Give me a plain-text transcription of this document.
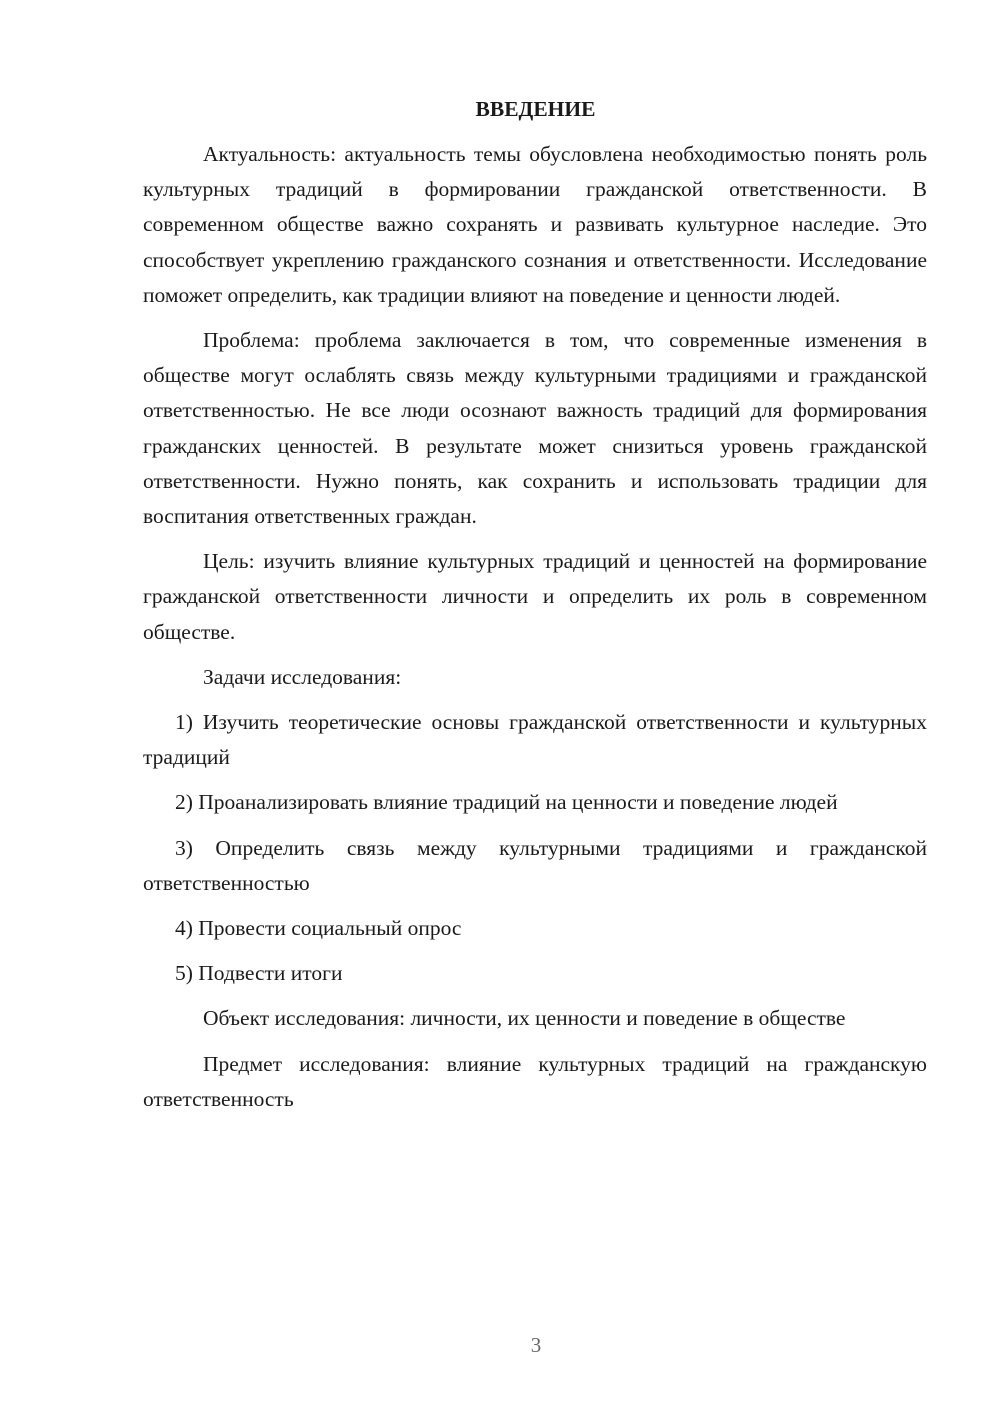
ВВЕДЕНИЕ

Актуальность: актуальность темы обусловлена необходимостью понять роль культурных традиций в формировании гражданской ответственности. В современном обществе важно сохранять и развивать культурное наследие. Это способствует укреплению гражданского сознания и ответственности. Исследование поможет определить, как традиции влияют на поведение и ценности людей.

Проблема: проблема заключается в том, что современные изменения в обществе могут ослаблять связь между культурными традициями и гражданской ответственностью. Не все люди осознают важность традиций для формирования гражданских ценностей. В результате может снизиться уровень гражданской ответственности. Нужно понять, как сохранить и использовать традиции для воспитания ответственных граждан.

Цель: изучить влияние культурных традиций и ценностей на формирование гражданской ответственности личности и определить их роль в современном обществе.

Задачи исследования:

1) Изучить теоретические основы гражданской ответственности и культурных традиций

2) Проанализировать влияние традиций на ценности и поведение людей

3) Определить связь между культурными традициями и гражданской ответственностью

4) Провести социальный опрос

5) Подвести итоги

Объект исследования: личности, их ценности и поведение в обществе

Предмет исследования: влияние культурных традиций на гражданскую ответственность

3
